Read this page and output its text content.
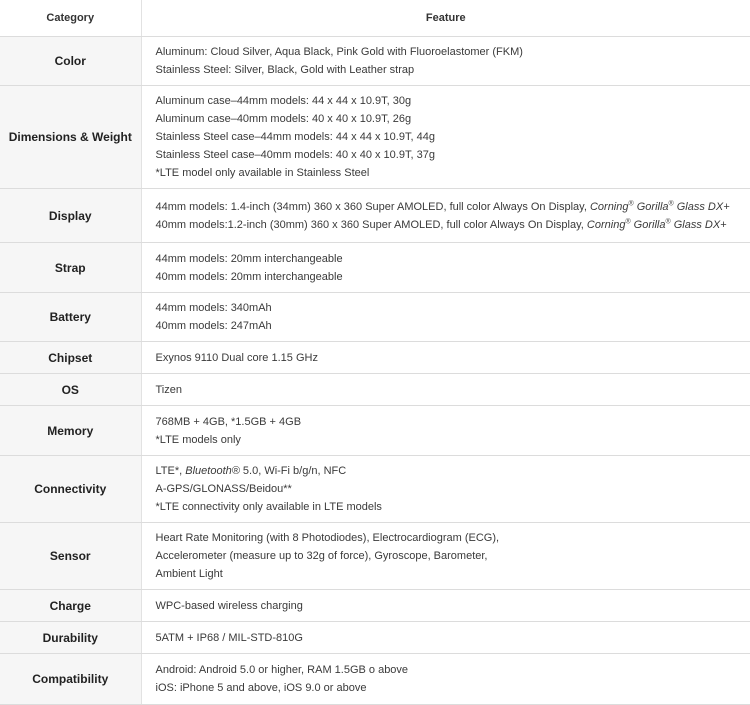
Category	Feature
Color	Aluminum: Cloud Silver, Aqua Black, Pink Gold with Fluoroelastomer (FKM)
Stainless Steel: Silver, Black, Gold with Leather strap

Dimensions & Weight	Aluminum case–44mm models: 44 x 44 x 10.9T, 30g
Aluminum case–40mm models: 40 x 40 x 10.9T, 26g
Stainless Steel case–44mm models: 44 x 44 x 10.9T, 44g
Stainless Steel case–40mm models: 40 x 40 x 10.9T, 37g
*LTE model only available in Stainless Steel

Display	44mm models: 1.4-inch (34mm) 360 x 360 Super AMOLED, full color Always On Display, Corning® Gorilla® Glass DX+
40mm models:1.2-inch (30mm) 360 x 360 Super AMOLED, full color Always On Display, Corning® Gorilla® Glass DX+

Strap	44mm models: 20mm interchangeable
40mm models: 20mm interchangeable

Battery	44mm models: 340mAh
40mm models: 247mAh

Chipset	Exynos 9110 Dual core 1.15 GHz

OS	Tizen

Memory	768MB + 4GB, *1.5GB + 4GB
*LTE models only

Connectivity	LTE*, Bluetooth® 5.0, Wi-Fi b/g/n, NFC
A-GPS/GLONASS/Beidou**
*LTE connectivity only available in LTE models

Sensor	Heart Rate Monitoring (with 8 Photodiodes), Electrocardiogram (ECG),
Accelerometer (measure up to 32g of force), Gyroscope, Barometer,
Ambient Light

Charge	WPC-based wireless charging

Durability	5ATM + IP68 / MIL-STD-810G

Compatibility	Android: Android 5.0 or higher, RAM 1.5GB o above
iOS: iPhone 5 and above, iOS 9.0 or above
